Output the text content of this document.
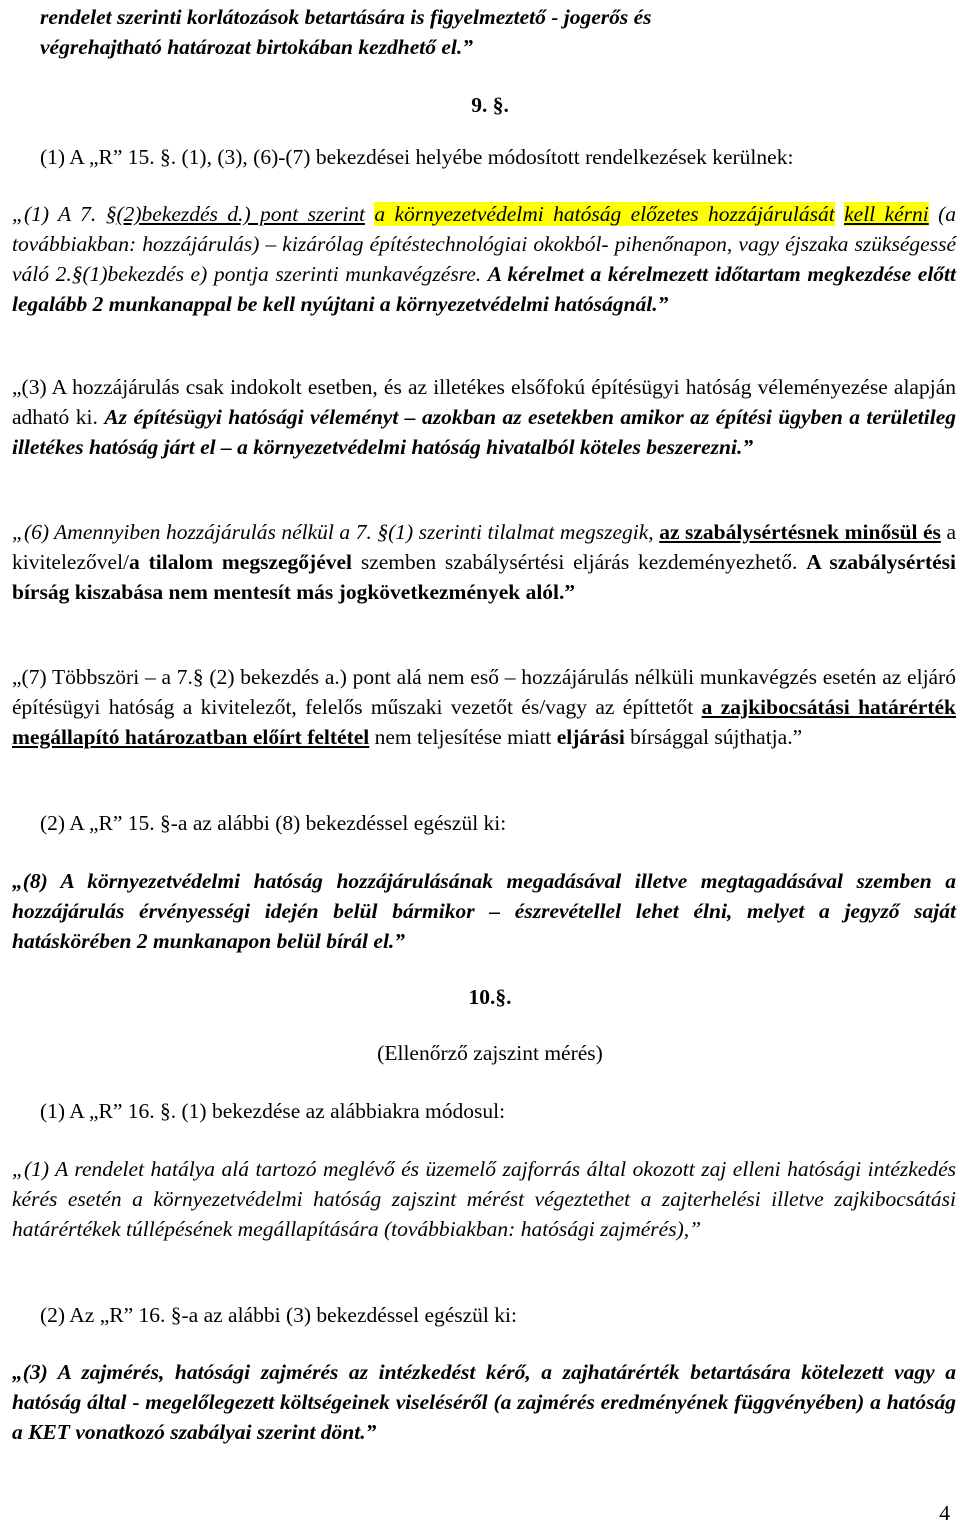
rendelet szerinti korlátozások betartására is figyelmeztető - jogerős és
végrehajtható határozat birtokában kezdhető el.”

9. §.

(1) A „R” 15. §. (1), (3), (6)-(7) bekezdései helyébe módosított rendelkezések kerülnek:

„(1) A 7. §(2)bekezdés d.) pont szerint a környezetvédelmi hatóság előzetes hozzájárulását kell kérni (a továbbiakban: hozzájárulás) – kizárólag építéstechnológiai okokból- pihenőnapon, vagy éjszaka szükségessé váló 2.§(1)bekezdés e) pontja szerinti munkavégzésre. A kérelmet a kérelmezett időtartam megkezdése előtt legalább 2 munkanappal be kell nyújtani a környezetvédelmi hatóságnál.”

„(3) A hozzájárulás csak indokolt esetben, és az illetékes elsőfokú építésügyi hatóság véleményezése alapján adható ki. Az építésügyi hatósági véleményt – azokban az esetekben amikor az építési ügyben a területileg illetékes hatóság járt el – a környezetvédelmi hatóság hivatalból köteles beszerezni.”

„(6) Amennyiben hozzájárulás nélkül a 7. §(1) szerinti tilalmat megszegik, az szabálysértésnek minősül és a kivitelezővel/a tilalom megszegőjével szemben szabálysértési eljárás kezdeményezhető. A szabálysértési bírság kiszabása nem mentesít más jogkövetkezmények alól.”

„(7) Többszöri – a 7.§ (2) bekezdés a.) pont alá nem eső – hozzájárulás nélküli munkavégzés esetén az eljáró építésügyi hatóság a kivitelezőt, felelős műszaki vezetőt és/vagy az építtetőt a zajkibocsátási határérték megállapító határozatban előírt feltétel nem teljesítése miatt eljárási bírsággal sújthatja.”

(2) A „R” 15. §-a az alábbi (8) bekezdéssel egészül ki:

„(8) A környezetvédelmi hatóság hozzájárulásának megadásával illetve megtagadásával szemben a hozzájárulás érvényességi idején belül bármikor – észrevétellel lehet élni, melyet a jegyző saját hatáskörében 2 munkanapon belül bírál el.”

10.§.

(Ellenőrző zajszint mérés)

(1) A „R” 16. §. (1) bekezdése az alábbiakra módosul:

„(1) A rendelet hatálya alá tartozó meglévő és üzemelő zajforrás által okozott zaj elleni hatósági intézkedés kérés esetén a környezetvédelmi hatóság zajszint mérést végeztethet a zajterhelési illetve zajkibocsátási határértékek túllépésének megállapítására (továbbiakban: hatósági zajmérés),”

(2) Az „R” 16. §-a az alábbi (3) bekezdéssel egészül ki:

„(3) A zajmérés, hatósági zajmérés az intézkedést kérő, a zajhatárérték betartására kötelezett vagy a hatóság által - megelőlegezett költségeinek viseléséről (a zajmérés eredményének függvényében) a hatóság a KET vonatkozó szabályai szerint dönt.”

4
